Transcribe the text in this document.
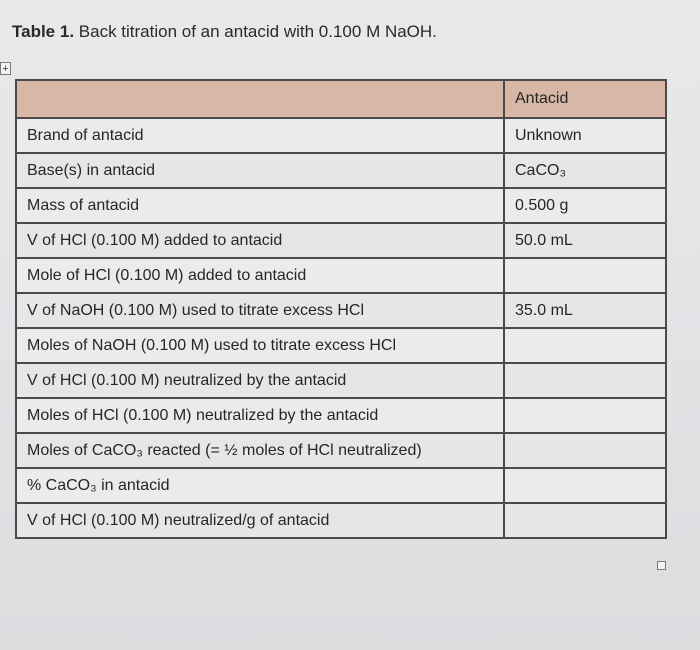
Table 1. Back titration of an antacid with 0.100 M NaOH.
+
	Antacid
Brand of antacid	Unknown
Base(s) in antacid	CaCO₃
Mass of antacid	0.500 g
V of HCl (0.100 M) added to antacid	50.0 mL
Mole of HCl (0.100 M) added to antacid	
V of NaOH (0.100 M) used to titrate excess HCl	35.0 mL
Moles of NaOH (0.100 M) used to titrate excess HCl	
V of HCl (0.100 M) neutralized by the antacid	
Moles of HCl (0.100 M) neutralized by the antacid	
Moles of CaCO₃ reacted (= ½ moles of HCl neutralized)	
% CaCO₃ in antacid	
V of HCl (0.100 M) neutralized/g of antacid	
